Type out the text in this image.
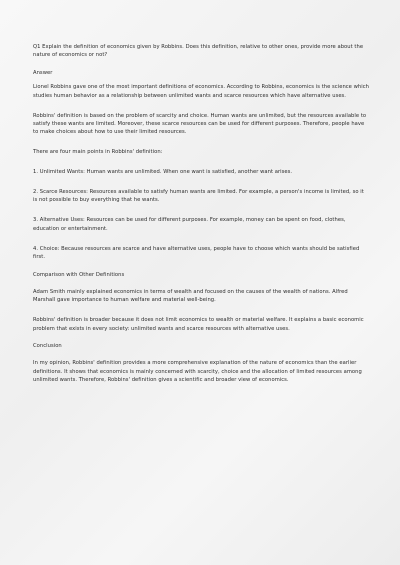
Q1 Explain the definition of economics given by Robbins. Does this definition, relative to other ones, provide more about the nature of economics or not?

Answer

Lionel Robbins gave one of the most important definitions of economics. According to Robbins, economics is the science which studies human behavior as a relationship between unlimited wants and scarce resources which have alternative uses.

Robbins' definition is based on the problem of scarcity and choice. Human wants are unlimited, but the resources available to satisfy these wants are limited. Moreover, these scarce resources can be used for different purposes. Therefore, people have to make choices about how to use their limited resources.

There are four main points in Robbins' definition:

1. Unlimited Wants: Human wants are unlimited. When one want is satisfied, another want arises.

2. Scarce Resources: Resources available to satisfy human wants are limited. For example, a person's income is limited, so it is not possible to buy everything that he wants.

3. Alternative Uses: Resources can be used for different purposes. For example, money can be spent on food, clothes, education or entertainment.

4. Choice: Because resources are scarce and have alternative uses, people have to choose which wants should be satisfied first.

Comparison with Other Definitions

Adam Smith mainly explained economics in terms of wealth and focused on the causes of the wealth of nations. Alfred Marshall gave importance to human welfare and material well-being.

Robbins' definition is broader because it does not limit economics to wealth or material welfare. It explains a basic economic problem that exists in every society: unlimited wants and scarce resources with alternative uses.

Conclusion

In my opinion, Robbins' definition provides a more comprehensive explanation of the nature of economics than the earlier definitions. It shows that economics is mainly concerned with scarcity, choice and the allocation of limited resources among unlimited wants. Therefore, Robbins' definition gives a scientific and broader view of economics.
